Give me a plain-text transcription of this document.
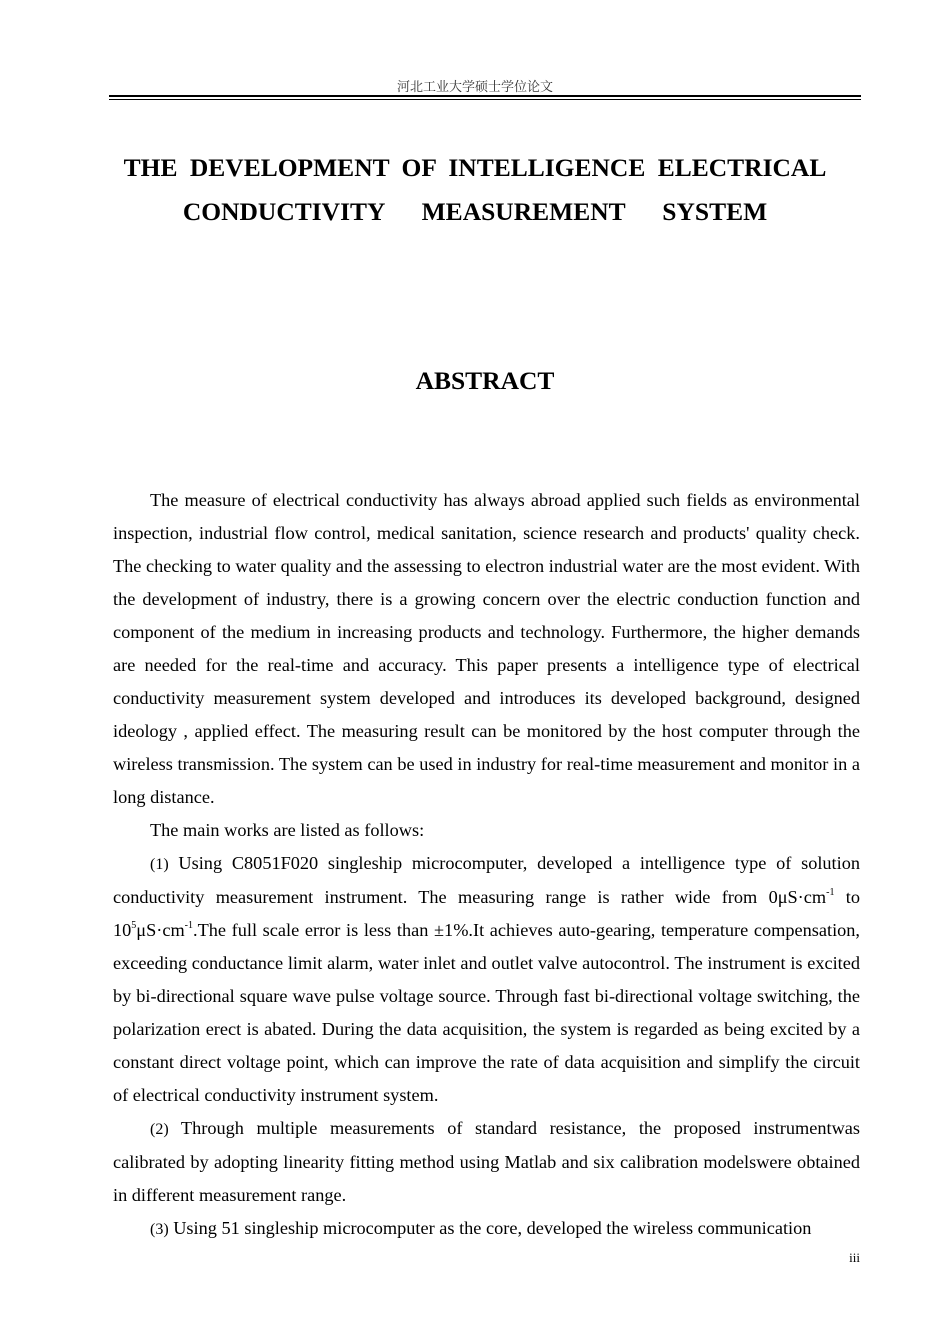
河北工业大学硕士学位论文
THE DEVELOPMENT OF INTELLIGENCE ELECTRICAL
CONDUCTIVITY   MEASUREMENT   SYSTEM
ABSTRACT

The measure of electrical conductivity has always abroad applied such fields as environmental inspection, industrial flow control, medical sanitation, science research and products' quality check. The checking to water quality and the assessing to electron industrial water are the most evident. With the development of industry, there is a growing concern over the electric conduction function and component of the medium in increasing products and technology. Furthermore, the higher demands are needed for the real-time and accuracy. This paper presents a intelligence type of electrical conductivity measurement system developed and introduces its developed background, designed ideology , applied effect. The measuring result can be monitored by the host computer through the wireless transmission. The system can be used in industry for real-time measurement and monitor in a long distance.

The main works are listed as follows:

(1) Using C8051F020 singleship microcomputer, developed a intelligence type of solution conductivity measurement instrument. The measuring range is rather wide from $0\mu S\cdot cm^{-1}$ to $10^5\mu S\cdot cm^{-1}.The$ full scale error is less than ±1%.It achieves auto-gearing, temperature compensation, exceeding conductance limit alarm, water inlet and outlet valve autocontrol. The instrument is excited by bi-directional square wave pulse voltage source. Through fast bi-directional voltage switching, the polarization erect is abated. During the data acquisition, the system is regarded as being excited by a constant direct voltage point, which can improve the rate of data acquisition and simplify the circuit of electrical conductivity instrument system.

(2) Through multiple measurements of standard resistance, the proposed instrumentwas calibrated by adopting linearity fitting method using Matlab and six calibration modelswere obtained in different measurement range.

(3) Using 51 singleship microcomputer as the core, developed the wireless communication

iii
